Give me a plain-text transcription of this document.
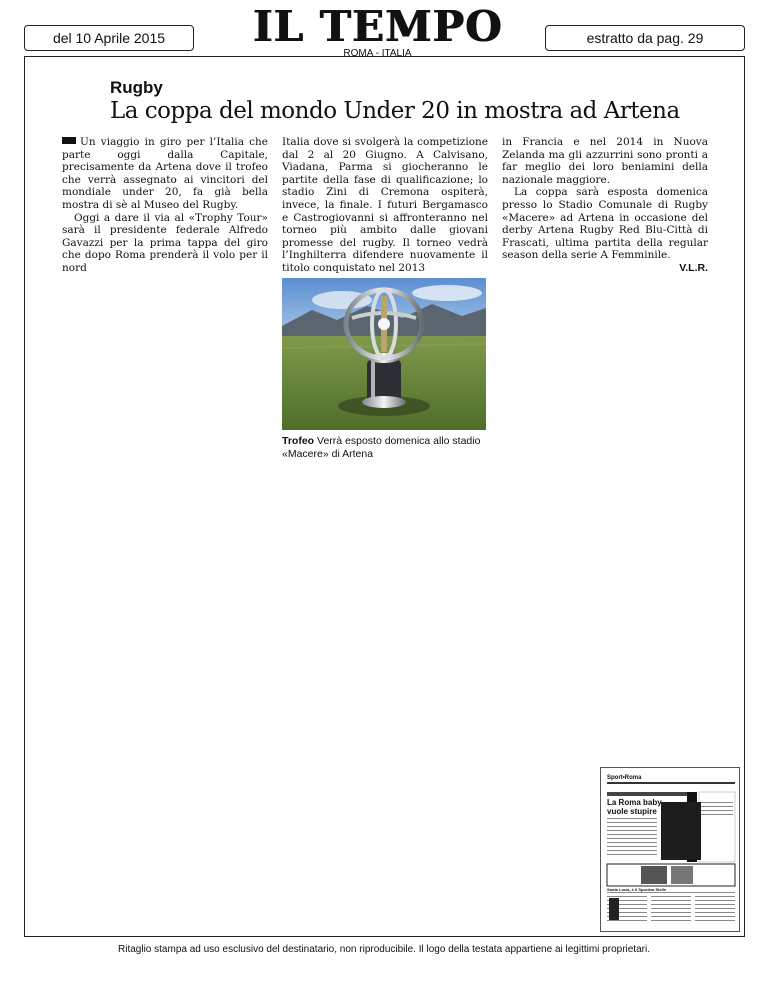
del 10 Aprile 2015 IL TEMPO
ROMA - ITALIA
estratto da pag. 29
Rugby
La coppa del mondo Under 20 in mostra ad Artena

Un viaggio in giro per l’Italia che parte oggi dalla Capitale, precisamente da Artena dove il trofeo che verrà assegnato ai vincitori del mondiale under 20, fa già bella mostra di sè al Museo del Rugby.

Oggi a dare il via al «Trophy Tour» sarà il presidente federale Alfredo Gavazzi per la prima tappa del giro che dopo Roma prenderà il volo per il nord

Italia dove si svolgerà la competizione dal 2 al 20 Giugno. A Calvisano, Viadana, Parma si giocheranno le partite della fase di qualificazione; lo stadio Zini di Cremona ospiterà, invece, la finale. I futuri Bergamasco e Castrogiovanni si affronteranno nel torneo più ambito dalle giovani promesse del rugby. Il torneo vedrà l’Inghilterra difendere nuovamente il titolo conquistato nel 2013

in Francia e nel 2014 in Nuova Zelanda ma gli azzurrini sono pronti a far meglio dei loro beniamini della nazionale maggiore.

La coppa sarà esposta domenica presso lo Stadio Comunale di Rugby «Macere» ad Artena in occasione del derby Artena Rugby Red Blu-Città di Frascati, ultima partita della regular season della serie A Femminile.
V.L.R.

Trofeo Verrà esposto domenica allo stadio «Macere» di Artena
Sport•Roma
La Roma baby
vuole stupire
Santa Lucia, è il Sportiva Stelle
Ritaglio stampa ad uso esclusivo del destinatario, non riproducibile. Il logo della testata appartiene ai legittimi proprietari.
